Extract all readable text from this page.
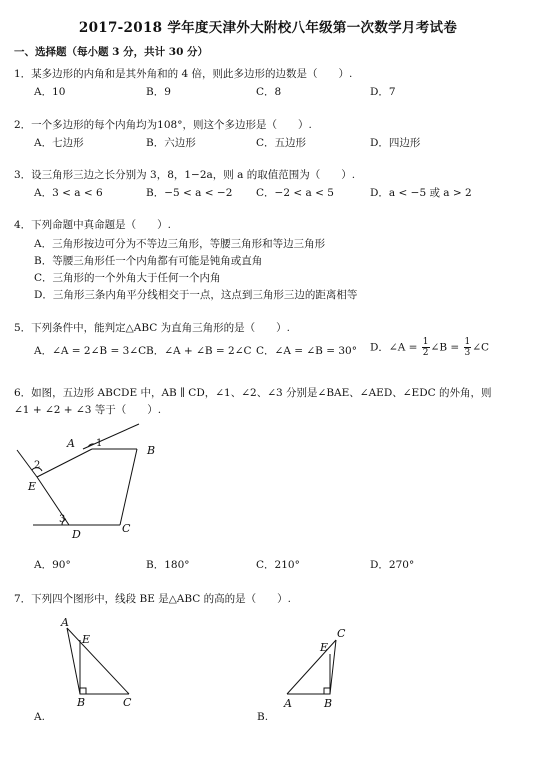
2017-2018 学年度天津外大附校八年级第一次数学月考试卷
一、选择题（每小题 3 分，共计 30 分）
1．某多边形的内角和是其外角和的 4 倍，则此多边形的边数是（　　）.
A．10	B．9	C．8	D．7
2．一个多边形的每个内角均为108°，则这个多边形是（　　）.
A．七边形	B．六边形	C．五边形	D．四边形
3．设三角形三边之长分别为 3，8，1−2a，则 a 的取值范围为（　　）.
A．3 < a < 6	B．−5 < a < −2 C．−2 < a < 5	D．a < −5 或 a > 2
4．下列命题中真命题是（　　）.
A．三角形按边可分为不等边三角形，等腰三角形和等边三角形
B．等腰三角形任一个内角都有可能是钝角或直角
C．三角形的一个外角大于任何一个内角
D．三角形三条内角平分线相交于一点，这点到三角形三边的距离相等
5．下列条件中，能判定△ABC 为直角三角形的是（　　）.
A．∠A = 2∠B = 3∠C B．∠A + ∠B = 2∠C C．∠A = ∠B = 30° D．∠A = $\frac{1}{2}$ ∠B = $\frac{1}{3}$ ∠C
6．如图，五边形 ABCDE 中，AB ∥ CD，∠1、∠2、∠3 分别是∠BAE、∠AED、∠EDC 的外角，则
∠1 + ∠2 + ∠3 等于（　　）.
A
B
C
D
E
1
2
3
A．90°	B．180°	C．210°	D．270°
7．下列四个图形中，线段 BE 是△ABC 的高的是（　　）.
A
E
B	C
C
E
A	B
A.	B.
